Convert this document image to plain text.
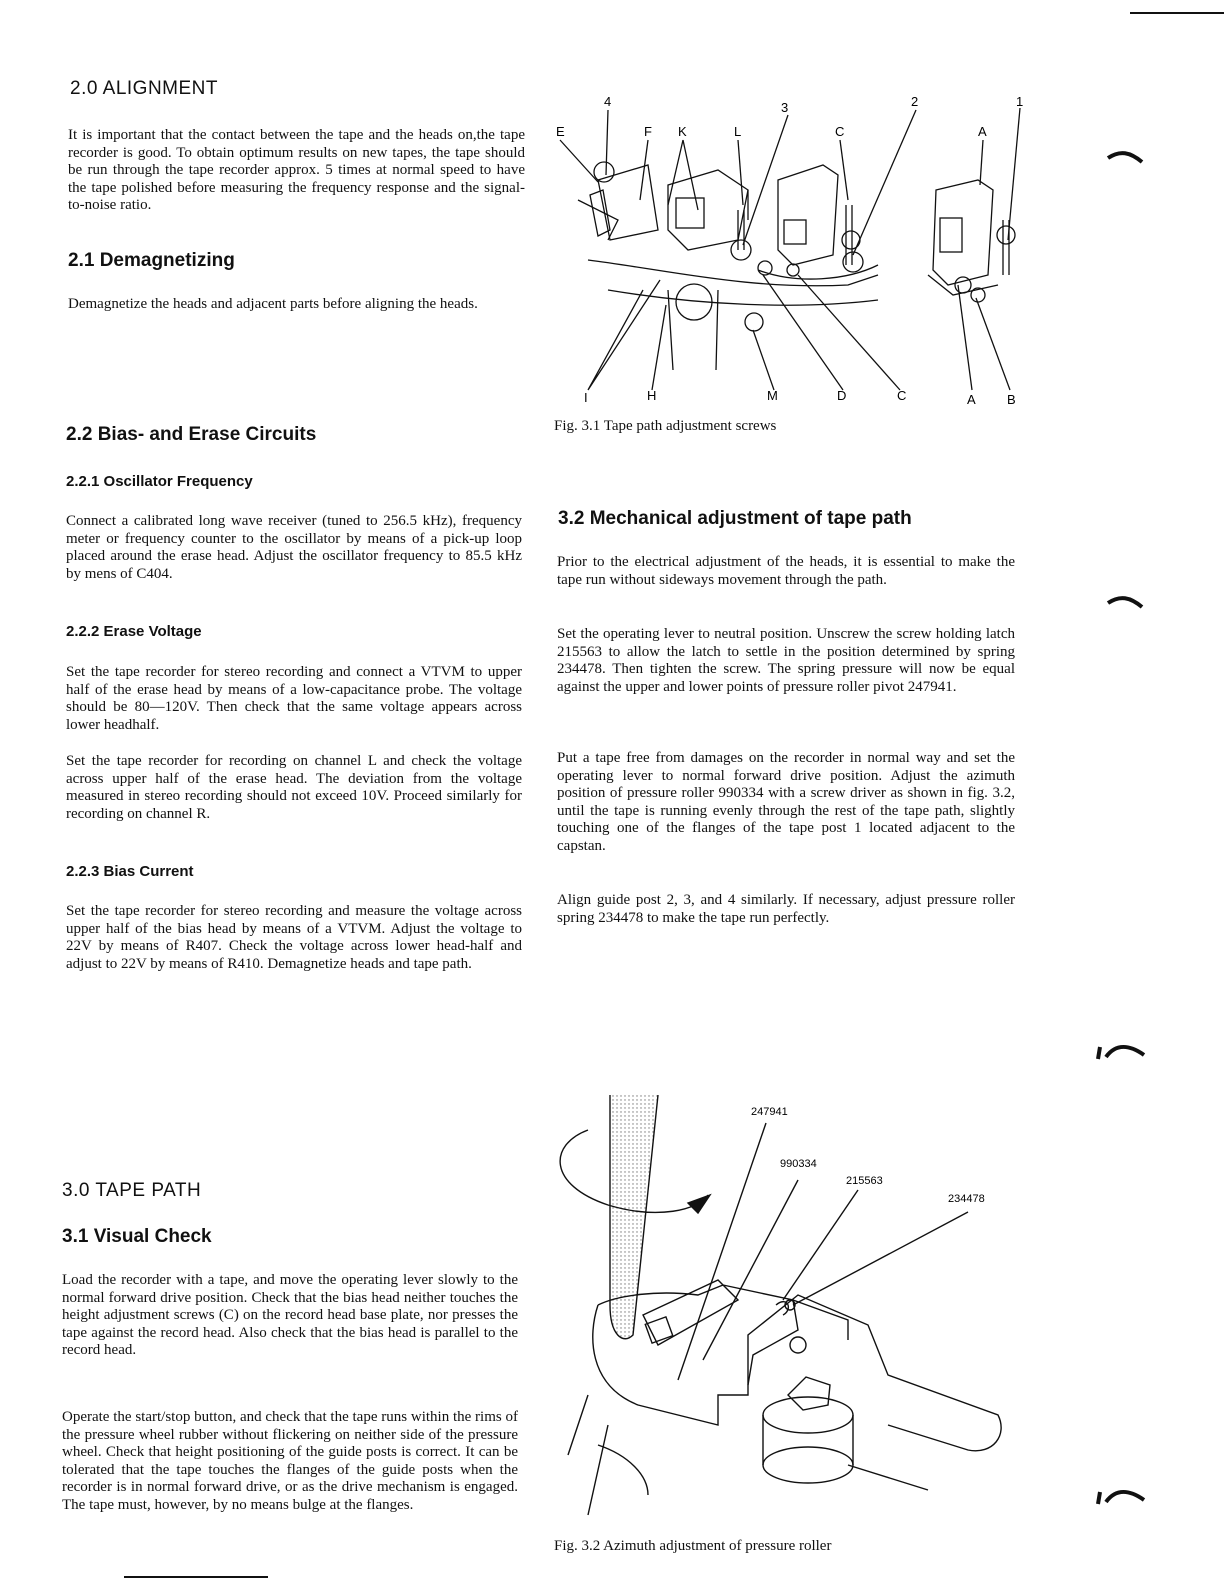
2.0 ALIGNMENT

It is important that the contact between the tape and the heads on,the tape recorder is good. To obtain optimum results on new tapes, the tape should be run through the tape recorder approx. 5 times at normal speed to have the tape polished before measuring the frequency response and the signal-to-noise ratio.

2.1 Demagnetizing

Demagnetize the heads and adjacent parts before aligning the heads.

2.2 Bias- and Erase Circuits
2.2.1 Oscillator Frequency

Connect a calibrated long wave receiver (tuned to 256.5 kHz), frequency meter or frequency counter to the oscillator by means of a pick-up loop placed around the erase head. Adjust the oscillator frequency to 85.5 kHz by mens of C404.

2.2.2 Erase Voltage

Set the tape recorder for stereo recording and connect a VTVM to upper half of the erase head by means of a low-capacitance probe. The voltage should be 80—120V. Then check that the same voltage appears across lower headhalf.

Set the tape recorder for recording on channel L and check the voltage across upper half of the erase head. The deviation from the voltage measured in stereo recording should not exceed 10V. Proceed similarly for recording on channel R.

2.2.3 Bias Current

Set the tape recorder for stereo recording and measure the voltage across upper half of the bias head by means of a VTVM. Adjust the voltage to 22V by means of R407. Check the voltage across lower head-half and adjust to 22V by means of R410. Demagnetize heads and tape path.

3.0 TAPE PATH
3.1 Visual Check

Load the recorder with a tape, and move the operating lever slowly to the normal forward drive position. Check that the bias head neither touches the height adjustment screws (C) on the record head base plate, nor presses the tape against the record head. Also check that the bias head is parallel to the record head.

Operate the start/stop button, and check that the tape runs within the rims of the pressure wheel rubber without flickering on neither side of the pressure wheel. Check that height positioning of the guide posts is correct. It can be tolerated that the tape touches the flanges of the guide posts when the recorder is in normal forward drive, or as the drive mechanism is engaged. The tape must, however, by no means bulge at the flanges.

4	3	2	1
E	F K	L	C	A
I	H	M	D	C	A B

Fig. 3.1 Tape path adjustment screws

3.2 Mechanical adjustment of tape path

Prior to the electrical adjustment of the heads, it is essential to make the tape run without sideways movement through the path.

Set the operating lever to neutral position. Unscrew the screw holding latch 215563 to allow the latch to settle in the position determined by spring 234478. Then tighten the screw. The spring pressure will now be equal against the upper and lower points of pressure roller pivot 247941.

Put a tape free from damages on the recorder in normal way and set the operating lever to normal forward drive position. Adjust the azimuth position of pressure roller 990334 with a screw driver as shown in fig. 3.2, until the tape is running evenly through the rest of the tape path, slightly touching one of the flanges of the tape post 1 located adjacent to the capstan.

Align guide post 2, 3, and 4 similarly. If necessary, adjust pressure roller spring 234478 to make the tape run perfectly.

247941
990334
215563
234478

Fig. 3.2 Azimuth adjustment of pressure roller
